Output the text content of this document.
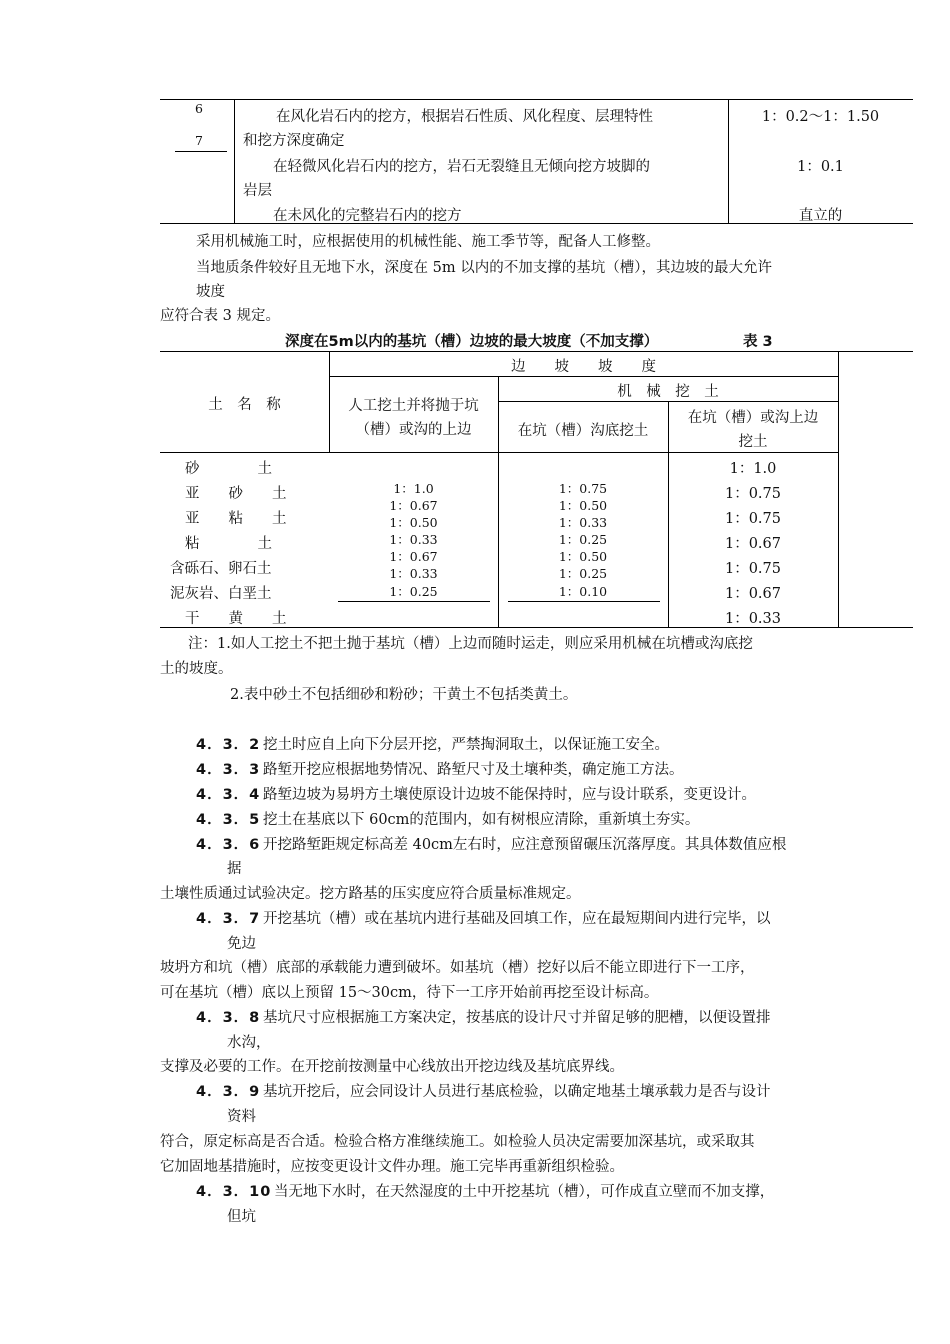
6
7
在风化岩石内的挖方，根据岩石性质、风化程度、层理特性
和挖方深度确定
在轻微风化岩石内的挖方，岩石无裂缝且无倾向挖方坡脚的
岩层
在未风化的完整岩石内的挖方
1：0.2～1：1.50
1：0.1
直立的
采用机械施工时，应根据使用的机械性能、施工季节等，配备人工修整。
当地质条件较好且无地下水，深度在 5m 以内的不加支撑的基坑（槽），其边坡的最大允许
坡度
应符合表 3 规定。
深度在5m以内的基坑（槽）边坡的最大坡度（不加支撑）	表 3
土　名　称
边　　坡　　坡　　度
机　械　挖　土
人工挖土并将抛于坑
（槽）或沟的上边	在坑（槽）沟底挖土
在坑（槽）或沟上边
挖土
砂　　　　土
亚　　砂　　土
亚　　粘　　土
粘　　　　土
含砾石、卵石土
泥灰岩、白垩土
干　　黄　　土
1：1.0
1：0.67
1：0.50
1：0.33
1：0.67
1：0.33
1：0.25
1：0.75
1：0.50
1：0.33
1：0.25
1：0.50
1：0.25
1：0.10
1：1.0
1：0.75
1：0.75
1：0.67
1：0.75
1：0.67
1：0.33
注：1.如人工挖土不把土抛于基坑（槽）上边而随时运走，则应采用机械在坑槽或沟底挖
土的坡度。
2.表中砂土不包括细砂和粉砂；干黄土不包括类黄土。
4．3．2 挖土时应自上向下分层开挖，严禁掏洞取土，以保证施工安全。
4．3．3 路堑开挖应根据地势情况、路堑尺寸及土壤种类，确定施工方法。
4．3．4 路堑边坡为易坍方土壤使原设计边坡不能保持时，应与设计联系，变更设计。
4．3．5 挖土在基底以下 60cm的范围内，如有树根应清除，重新填土夯实。
4．3．6 开挖路堑距规定标高差 40cm左右时，应注意预留碾压沉落厚度。其具体数值应根
据
土壤性质通过试验决定。挖方路基的压实度应符合质量标准规定。
4．3．7 开挖基坑（槽）或在基坑内进行基础及回填工作，应在最短期间内进行完毕，以
免边
坡坍方和坑（槽）底部的承载能力遭到破坏。如基坑（槽）挖好以后不能立即进行下一工序，
可在基坑（槽）底以上预留 15～30cm，待下一工序开始前再挖至设计标高。
4．3．8 基坑尺寸应根据施工方案决定，按基底的设计尺寸并留足够的肥槽，以便设置排
水沟，
支撑及必要的工作。在开挖前按测量中心线放出开挖边线及基坑底界线。
4．3．9 基坑开挖后，应会同设计人员进行基底检验，以确定地基土壤承载力是否与设计
资料
符合，原定标高是否合适。检验合格方准继续施工。如检验人员决定需要加深基坑，或采取其
它加固地基措施时，应按变更设计文件办理。施工完毕再重新组织检验。
4．3．10 当无地下水时，在天然湿度的土中开挖基坑（槽），可作成直立壁而不加支撑，
但坑
